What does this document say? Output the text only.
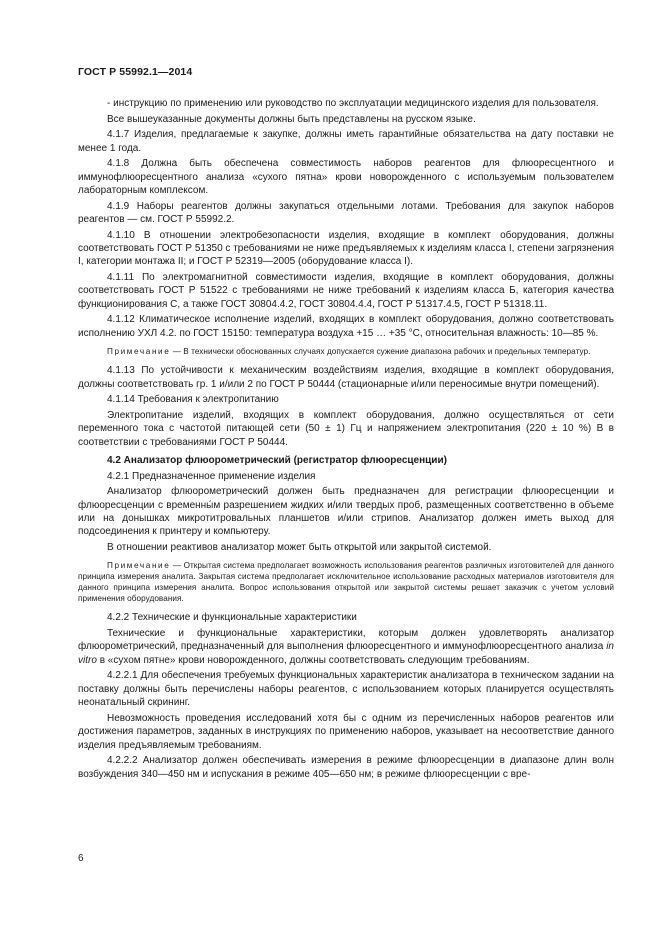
ГОСТ Р 55992.1—2014

- инструкцию по применению или руководство по эксплуатации медицинского изделия для пользователя.

Все вышеуказанные документы должны быть представлены на русском языке.

4.1.7 Изделия, предлагаемые к закупке, должны иметь гарантийные обязательства на дату поставки не менее 1 года.

4.1.8 Должна быть обеспечена совместимость наборов реагентов для флюоресцентного и иммунофлюоресцентного анализа «сухого пятна» крови новорожденного с используемым пользователем лабораторным комплексом.

4.1.9 Наборы реагентов должны закупаться отдельными лотами. Требования для закупок наборов реагентов — см. ГОСТ Р 55992.2.

4.1.10 В отношении электробезопасности изделия, входящие в комплект оборудования, должны соответствовать ГОСТ Р 51350 с требованиями не ниже предъявляемых к изделиям класса I, степени загрязнения I, категории монтажа II; и ГОСТ Р 52319—2005 (оборудование класса I).

4.1.11 По электромагнитной совместимости изделия, входящие в комплект оборудования, должны соответствовать ГОСТ Р 51522 с требованиями не ниже требований к изделиям класса Б, категория качества функционирования С, а также ГОСТ 30804.4.2, ГОСТ 30804.4.4, ГОСТ Р 51317.4.5, ГОСТ Р 51318.11.

4.1.12 Климатическое исполнение изделий, входящих в комплект оборудования, должно соответствовать исполнению УХЛ 4.2. по ГОСТ 15150: температура воздуха +15 … +35 °С, относительная влажность: 10—85 %.

Примечание — В технически обоснованных случаях допускается сужение диапазона рабочих и предельных температур.

4.1.13 По устойчивости к механическим воздействиям изделия, входящие в комплект оборудования, должны соответствовать гр. 1 и/или 2 по ГОСТ Р 50444 (стационарные и/или переносимые внутри помещений).

4.1.14 Требования к электропитанию

Электропитание изделий, входящих в комплект оборудования, должно осуществляться от сети переменного тока с частотой питающей сети (50 ± 1) Гц и напряжением электропитания (220 ± 10 %) В в соответствии с требованиями ГОСТ Р 50444.

4.2 Анализатор флюорометрический (регистратор флюоресценции)

4.2.1 Предназначенное применение изделия

Анализатор флюорометрический должен быть предназначен для регистрации флюоресценции и флюоресценции с временны́м разрешением жидких и/или твердых проб, размещенных соответственно в объеме или на донышках микротитровальных планшетов и/или стрипов. Анализатор должен иметь выход для подсоединения к принтеру и компьютеру.

В отношении реактивов анализатор может быть открытой или закрытой системой.

Примечание — Открытая система предполагает возможность использования реагентов различных изготовителей для данного принципа измерения аналита. Закрытая система предполагает исключительное использование расходных материалов изготовителя для данного принципа измерения аналита. Вопрос использования открытой или закрытой системы решает заказчик с учетом условий применения оборудования.

4.2.2 Технические и функциональные характеристики

Технические и функциональные характеристики, которым должен удовлетворять анализатор флюорометрический, предназначенный для выполнения флюоресцентного и иммунофлюоресцентного анализа in vitro в «сухом пятне» крови новорожденного, должны соответствовать следующим требованиям.

4.2.2.1 Для обеспечения требуемых функциональных характеристик анализатора в техническом задании на поставку должны быть перечислены наборы реагентов, с использованием которых планируется осуществлять неонатальный скрининг.

Невозможность проведения исследований хотя бы с одним из перечисленных наборов реагентов или достижения параметров, заданных в инструкциях по применению наборов, указывает на несоответствие данного изделия предъявляемым требованиям.

4.2.2.2 Анализатор должен обеспечивать измерения в режиме флюоресценции в диапазоне длин волн возбуждения 340—450 нм и испускания в режиме 405—650 нм; в режиме флюоресценции с вре-

6
